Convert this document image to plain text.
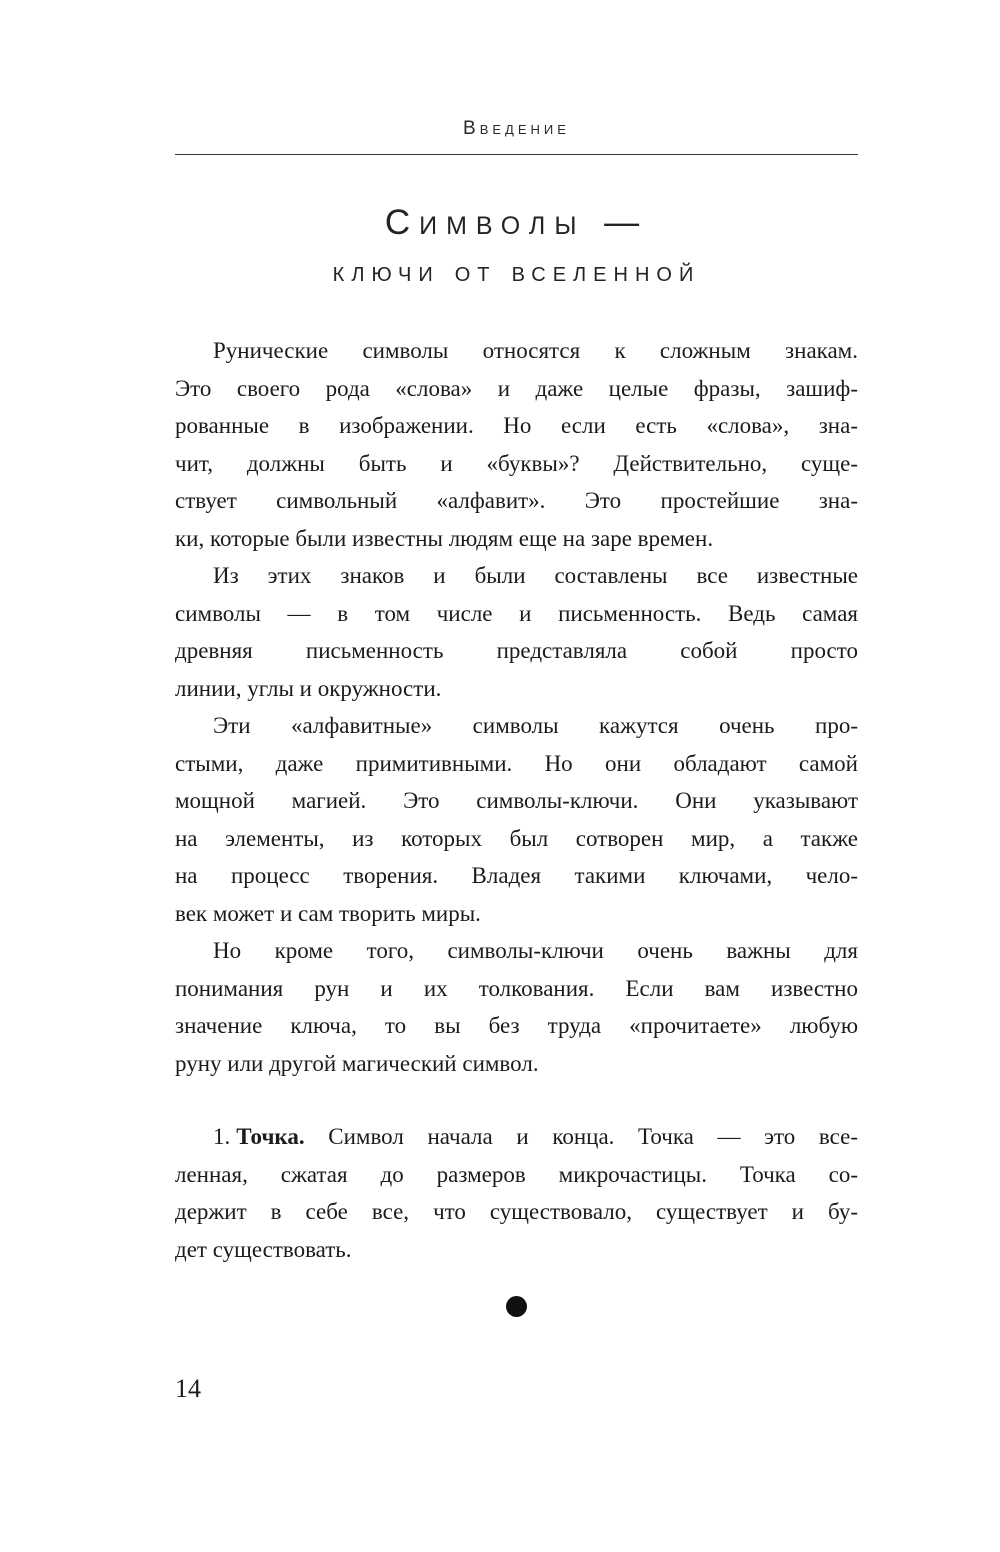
Введение
Символы —
ключи от вселенной
Рунические символы относятся к сложным знакам.
Это своего рода «слова» и даже целые фразы, зашиф-
рованные в изображении. Но если есть «слова», зна-
чит, должны быть и «буквы»? Действительно, суще-
ствует символьный «алфавит». Это простейшие зна-
ки, которые были известны людям еще на заре времен.
Из этих знаков и были составлены все известные
символы — в том числе и письменность. Ведь самая
древняя письменность представляла собой просто
линии, углы и окружности.
Эти «алфавитные» символы кажутся очень про-
стыми, даже примитивными. Но они обладают самой
мощной магией. Это символы-ключи. Они указывают
на элементы, из которых был сотворен мир, а также
на процесс творения. Владея такими ключами, чело-
век может и сам творить миры.
Но кроме того, символы-ключи очень важны для
понимания рун и их толкования. Если вам известно
значение ключа, то вы без труда «прочитаете» любую
руну или другой магический символ.
1. Точка. Символ начала и конца. Точка — это все-
ленная, сжатая до размеров микрочастицы. Точка со-
держит в себе все, что существовало, существует и бу-
дет существовать.
14
